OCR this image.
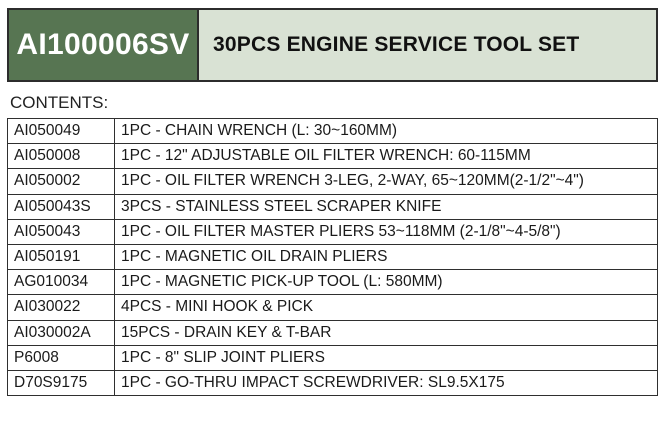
AI100006SV	30PCS ENGINE SERVICE TOOL SET
CONTENTS:
AI050049	1PC - CHAIN WRENCH (L: 30~160MM)
AI050008	1PC - 12" ADJUSTABLE OIL FILTER WRENCH: 60-115MM
AI050002	1PC - OIL FILTER WRENCH 3-LEG, 2-WAY, 65~120MM(2-1/2"~4")
AI050043S	3PCS - STAINLESS STEEL SCRAPER KNIFE
AI050043	1PC - OIL FILTER MASTER PLIERS 53~118MM (2-1/8"~4-5/8")
AI050191	1PC - MAGNETIC OIL DRAIN PLIERS
AG010034	1PC - MAGNETIC PICK-UP TOOL (L: 580MM)
AI030022	4PCS - MINI HOOK & PICK
AI030002A	15PCS - DRAIN KEY & T-BAR
P6008	1PC - 8" SLIP JOINT PLIERS
D70S9175	1PC - GO-THRU IMPACT SCREWDRIVER: SL9.5X175
